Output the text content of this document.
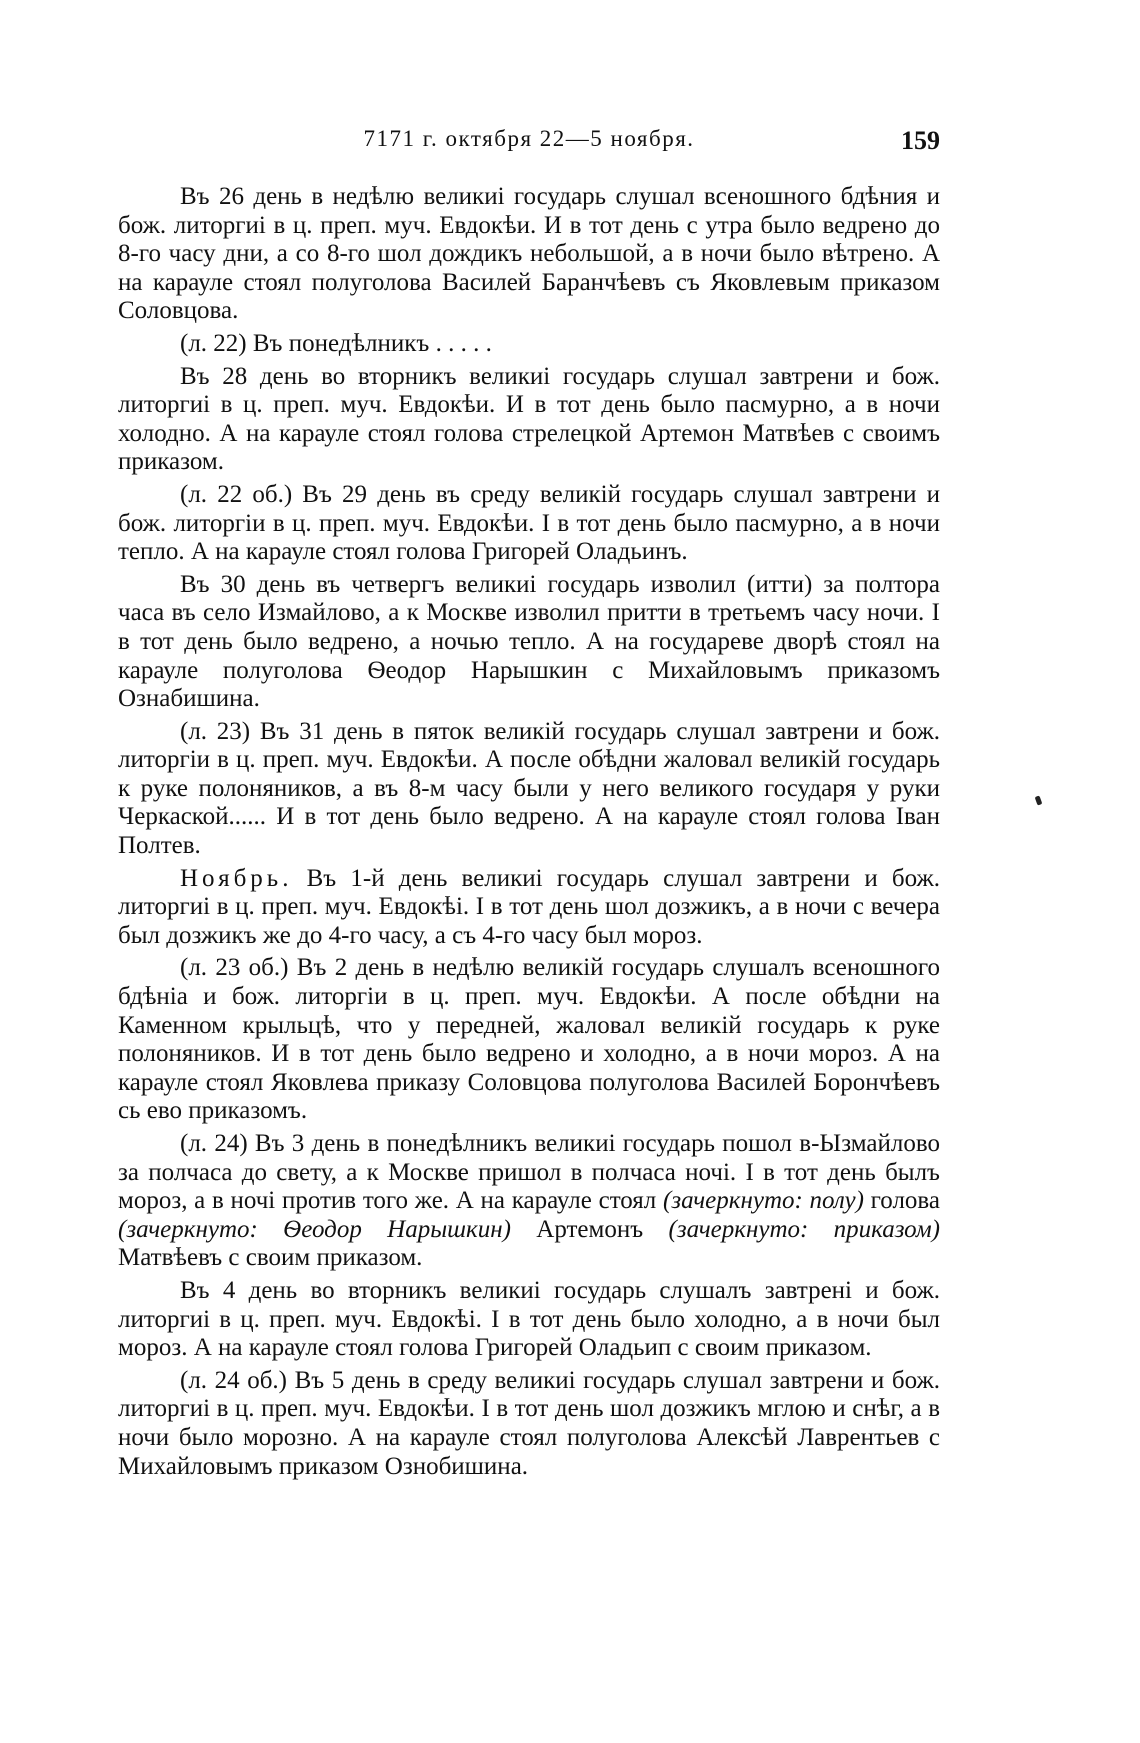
7171 г. октября 22—5 ноября.	159

Въ 26 день в недѣлю великиі государь слушал всеношного бдѣния и бож. литоргиі в ц. преп. муч. Евдокѣи. И в тот день с утра было ведрено до 8-го часу дни, а со 8-го шол дождикъ небольшой, а в ночи было вѣтрено. А на карауле стоял полуголова Василей Баранчѣевъ съ Яковлевым приказом Соловцова.

(л. 22) Въ понедѣлникъ . . . . .

Въ 28 день во вторникъ великиі государь слушал завтрени и бож. литоргиі в ц. преп. муч. Евдокѣи. И в тот день было пасмурно, а в ночи холодно. А на карауле стоял голова стрелецкой Артемон Матвѣев с своимъ приказом.

(л. 22 об.) Въ 29 день въ среду великій государь слушал завтрени и бож. литоргіи в ц. преп. муч. Евдокѣи. І в тот день было пасмурно, а в ночи тепло. А на карауле стоял голова Григорей Оладьинъ.

Въ 30 день въ четвергъ великиі государь изволил (итти) за полтора часа въ село Измайлово, а к Москве изволил притти в третьемъ часу ночи. І в тот день было ведрено, а ночью тепло. А на государеве дворѣ стоял на карауле полуголова Ѳеодор Нарышкин с Михайловымъ приказомъ Ознабишина.

(л. 23) Въ 31 день в пяток великій государь слушал завтрени и бож. литоргіи в ц. преп. муч. Евдокѣи. А после обѣдни жаловал великій государь к руке полоняников, а въ 8-м часу были у него великого государя у руки Черкаской...... И в тот день было ведрено. А на карауле стоял голова Іван Полтев.

Ноябрь. Въ 1-й день великиі государь слушал завтрени и бож. литоргиі в ц. преп. муч. Евдокѣі. І в тот день шол дозжикъ, а в ночи с вечера был дозжикъ же до 4-го часу, а съ 4-го часу был мороз.

(л. 23 об.) Въ 2 день в недѣлю великій государь слушалъ всеношного бдѣніа и бож. литоргіи в ц. преп. муч. Евдокѣи. А после обѣдни на Каменном крыльцѣ, что у передней, жаловал великій государь к руке полоняников. И в тот день было ведрено и холодно, а в ночи мороз. А на карауле стоял Яковлева приказу Соловцова полуголова Василей Борончѣевъ сь ево приказомъ.

(л. 24) Въ 3 день в понедѣлникъ великиі государь пошол в-Ызмайлово за полчаса до свету, а к Москве пришол в полчаса ночі. І в тот день былъ мороз, а в ночі против того же. А на карауле стоял (зачеркнуто: полу) голова (зачеркнуто: Ѳеодор Нарышкин) Артемонъ (зачеркнуто: приказом) Матвѣевъ с своим приказом.

Въ 4 день во вторникъ великиі государь слушалъ завтрені и бож. литоргиі в ц. преп. муч. Евдокѣі. І в тот день было холодно, а в ночи был мороз. А на карауле стоял голова Григорей Оладьип с своим приказом.

(л. 24 об.) Въ 5 день в среду великиі государь слушал завтрени и бож. литоргиі в ц. преп. муч. Евдокѣи. І в тот день шол дозжикъ мглою и снѣг, а в ночи было морозно. А на карауле стоял полуголова Алексѣй Лаврентьев с Михайловымъ приказом Ознобишина.
